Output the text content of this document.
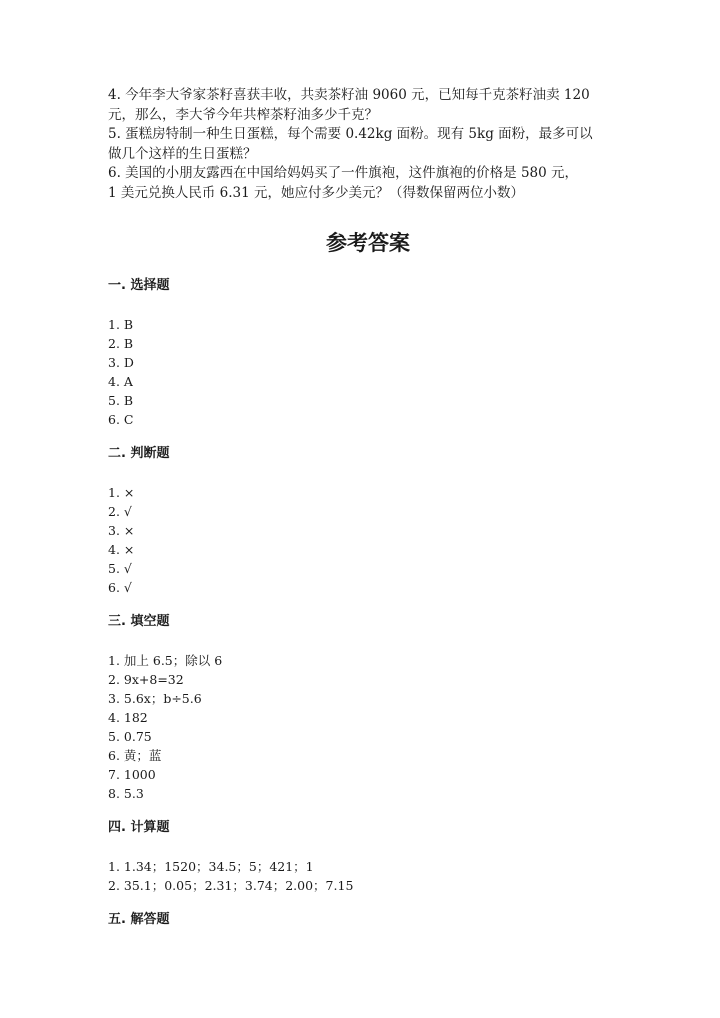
4. 今年李大爷家茶籽喜获丰收，共卖茶籽油 9060 元，已知每千克茶籽油卖 120

元，那么，李大爷今年共榨茶籽油多少千克？

5. 蛋糕房特制一种生日蛋糕，每个需要 0.42kg 面粉。现有 5kg 面粉，最多可以

做几个这样的生日蛋糕？

6. 美国的小朋友露西在中国给妈妈买了一件旗袍，这件旗袍的价格是 580 元，

1 美元兑换人民币 6.31 元，她应付多少美元？（得数保留两位小数）

参考答案
一. 选择题
1. B
2. B
3. D
4. A
5. B
6. C
二. 判断题
1. ×
2. √
3. ×
4. ×
5. √
6. √
三. 填空题
1. 加上 6.5；除以 6
2. 9x+8=32
3. 5.6x；b÷5.6
4. 182
5. 0.75
6. 黄；蓝
7. 1000
8. 5.3
四. 计算题
1. 1.34；1520；34.5；5；421；1
2. 35.1；0.05；2.31；3.74；2.00；7.15
五. 解答题
